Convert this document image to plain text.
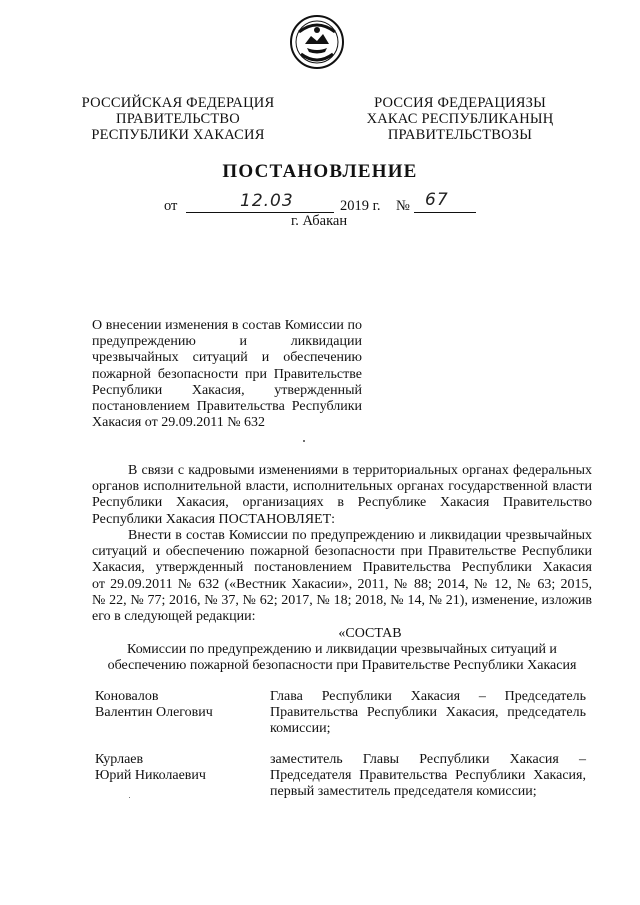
РОССИЙСКАЯ ФЕДЕРАЦИЯ
ПРАВИТЕЛЬСТВО
РЕСПУБЛИКИ ХАКАСИЯ
РОССИЯ ФЕДЕРАЦИЯЗЫ
ХАКАС РЕСПУБЛИКАНЫҢ
ПРАВИТЕЛЬСТВОЗЫ
ПОСТАНОВЛЕНИЕ
от	12.03	2019 г. № 67
г. Абакан
О внесении изменения в состав Комиссии по
предупреждению и ликвидации
чрезвычайных ситуаций и обеспечению
пожарной безопасности при Правительстве
Республики Хакасия, утвержденный
постановлением Правительства Республики
Хакасия от 29.09.2011 № 632
В связи с кадровыми изменениями в территориальных органах федеральных
органов исполнительной власти, исполнительных органах государственной власти
Республики Хакасия, организациях в Республике Хакасия Правительство
Республики Хакасия ПОСТАНОВЛЯЕТ:
Внести в состав Комиссии по предупреждению и ликвидации чрезвычайных
ситуаций и обеспечению пожарной безопасности при Правительстве Республики
Хакасия, утвержденный постановлением Правительства Республики Хакасия
от 29.09.2011 № 632 («Вестник Хакасии», 2011, № 88; 2014, № 12, № 63; 2015,
№ 22, № 77; 2016, № 37, № 62; 2017, № 18; 2018, № 14, № 21), изменение, изложив
его в следующей редакции:
«СОСТАВ
Комиссии по предупреждению и ликвидации чрезвычайных ситуаций и
обеспечению пожарной безопасности при Правительстве Республики Хакасия
Коновалов
Валентин Олегович
Глава Республики Хакасия – Председатель
Правительства Республики Хакасия, председатель
комиссии;
Курлаев
Юрий Николаевич
заместитель Главы Республики Хакасия –
Председателя Правительства Республики Хакасия,
первый заместитель председателя комиссии;
